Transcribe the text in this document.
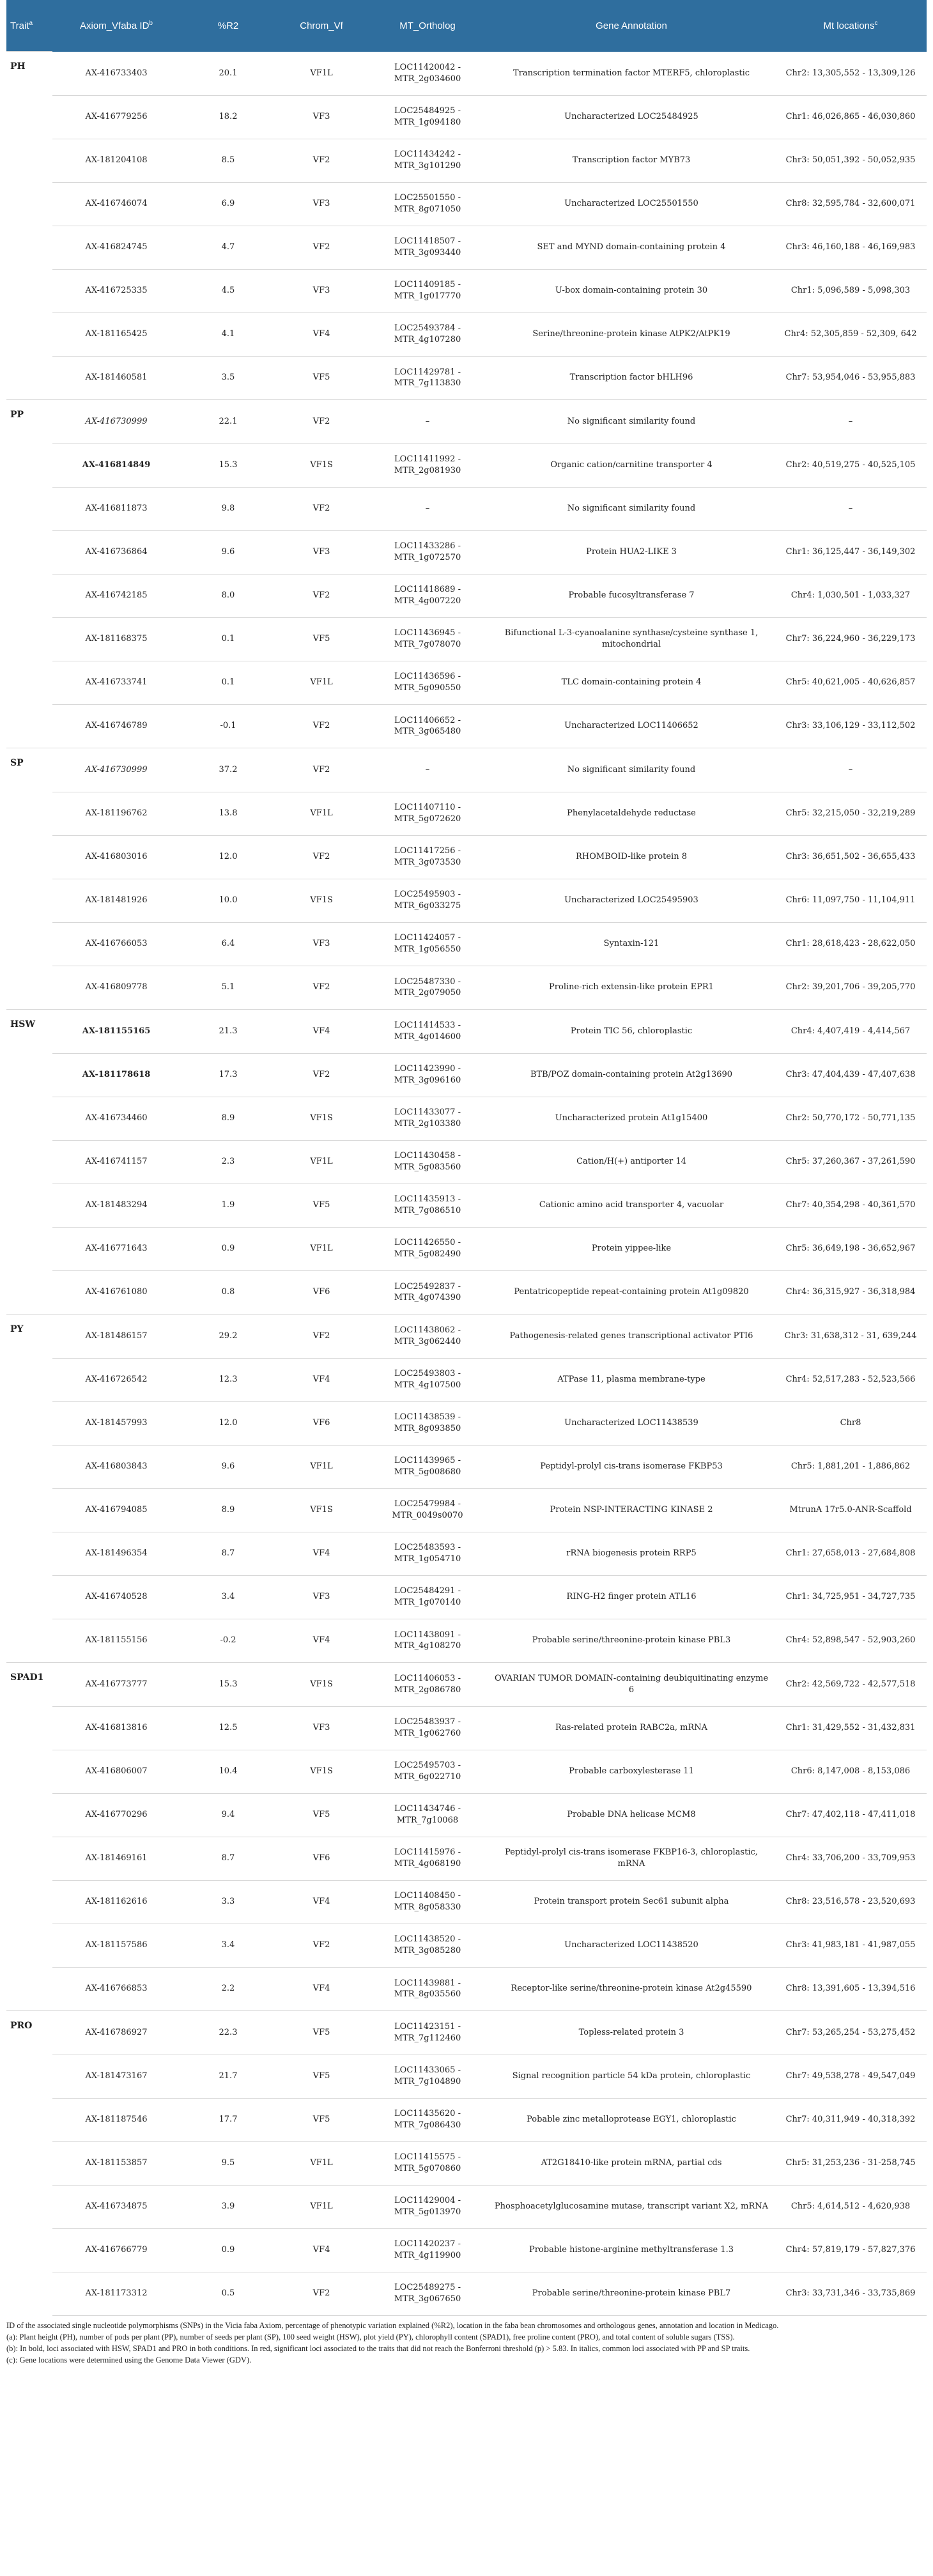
Trait$^a$	Axiom_Vfaba $ID^b$	%R2	Chrom_Vf	MT_Ortholog	Gene Annotation	Mt locations$^c$
PH	AX-416733403	20.1	VF1L	LOC11420042 - MTR_2g034600	Transcription termination factor MTERF5, chloroplastic	Chr2: 13,305,552 - 13,309,126
	AX-416779256	18.2	VF3	LOC25484925 - MTR_1g094180	Uncharacterized LOC25484925	Chr1: 46,026,865 - 46,030,860
	AX-181204108	8.5	VF2	LOC11434242 - MTR_3g101290	Transcription factor MYB73	Chr3: 50,051,392 - 50,052,935
	AX-416746074	6.9	VF3	LOC25501550 - MTR_8g071050	Uncharacterized LOC25501550	Chr8: 32,595,784 - 32,600,071
	AX-416824745	4.7	VF2	LOC11418507 - MTR_3g093440	SET and MYND domain-containing protein 4	Chr3: 46,160,188 - 46,169,983
	AX-416725335	4.5	VF3	LOC11409185 - MTR_1g017770	U-box domain-containing protein 30	Chr1: 5,096,589 - 5,098,303
	AX-181165425	4.1	VF4	LOC25493784 - MTR_4g107280	Serine/threonine-protein kinase AtPK2/AtPK19	Chr4: 52,305,859 - 52,309, 642
	AX-181460581	3.5	VF5	LOC11429781 - MTR_7g113830	Transcription factor bHLH96	Chr7: 53,954,046 - 53,955,883
PP	AX-416730999	22.1	VF2	–	No significant similarity found	–
	AX-416814849	15.3	VF1S	LOC11411992 - MTR_2g081930	Organic cation/carnitine transporter 4	Chr2: 40,519,275 - 40,525,105
	AX-416811873	9.8	VF2	–	No significant similarity found	–
	AX-416736864	9.6	VF3	LOC11433286 - MTR_1g072570	Protein HUA2-LIKE 3	Chr1: 36,125,447 - 36,149,302
	AX-416742185	8.0	VF2	LOC11418689 - MTR_4g007220	Probable fucosyltransferase 7	Chr4: 1,030,501 - 1,033,327
	AX-181168375	0.1	VF5	LOC11436945 - MTR_7g078070	Bifunctional L-3-cyanoalanine synthase/cysteine synthase 1, mitochondrial	Chr7: 36,224,960 - 36,229,173
	AX-416733741	0.1	VF1L	LOC11436596 - MTR_5g090550	TLC domain-containing protein 4	Chr5: 40,621,005 - 40,626,857
	AX-416746789	-0.1	VF2	LOC11406652 - MTR_3g065480	Uncharacterized LOC11406652	Chr3: 33,106,129 - 33,112,502
SP	AX-416730999	37.2	VF2	–	No significant similarity found	–
	AX-181196762	13.8	VF1L	LOC11407110 - MTR_5g072620	Phenylacetaldehyde reductase	Chr5: 32,215,050 - 32,219,289
	AX-416803016	12.0	VF2	LOC11417256 - MTR_3g073530	RHOMBOID-like protein 8	Chr3: 36,651,502 - 36,655,433
	AX-181481926	10.0	VF1S	LOC25495903 - MTR_6g033275	Uncharacterized LOC25495903	Chr6: 11,097,750 - 11,104,911
	AX-416766053	6.4	VF3	LOC11424057 - MTR_1g056550	Syntaxin-121	Chr1: 28,618,423 - 28,622,050
	AX-416809778	5.1	VF2	LOC25487330 - MTR_2g079050	Proline-rich extensin-like protein EPR1	Chr2: 39,201,706 - 39,205,770
HSW	AX-181155165	21.3	VF4	LOC11414533 - MTR_4g014600	Protein TIC 56, chloroplastic	Chr4: 4,407,419 - 4,414,567
	AX-181178618	17.3	VF2	LOC11423990 - MTR_3g096160	BTB/POZ domain-containing protein At2g13690	Chr3: 47,404,439 - 47,407,638
	AX-416734460	8.9	VF1S	LOC11433077 - MTR_2g103380	Uncharacterized protein At1g15400	Chr2: 50,770,172 - 50,771,135
	AX-416741157	2.3	VF1L	LOC11430458 - MTR_5g083560	Cation/H(+) antiporter 14	Chr5: 37,260,367 - 37,261,590
	AX-181483294	1.9	VF5	LOC11435913 - MTR_7g086510	Cationic amino acid transporter 4, vacuolar	Chr7: 40,354,298 - 40,361,570
	AX-416771643	0.9	VF1L	LOC11426550 - MTR_5g082490	Protein yippee-like	Chr5: 36,649,198 - 36,652,967
	AX-416761080	0.8	VF6	LOC25492837 - MTR_4g074390	Pentatricopeptide repeat-containing protein At1g09820	Chr4: 36,315,927 - 36,318,984
PY	AX-181486157	29.2	VF2	LOC11438062 - MTR_3g062440	Pathogenesis-related genes transcriptional activator PTI6	Chr3: 31,638,312 - 31, 639,244
	AX-416726542	12.3	VF4	LOC25493803 - MTR_4g107500	ATPase 11, plasma membrane-type	Chr4: 52,517,283 - 52,523,566
	AX-181457993	12.0	VF6	LOC11438539 - MTR_8g093850	Uncharacterized LOC11438539	Chr8
	AX-416803843	9.6	VF1L	LOC11439965 - MTR_5g008680	Peptidyl-prolyl cis-trans isomerase FKBP53	Chr5: 1,881,201 - 1,886,862
	AX-416794085	8.9	VF1S	LOC25479984 - MTR_0049s0070	Protein NSP-INTERACTING KINASE 2	MtrunA 17r5.0-ANR-Scaffold
	AX-181496354	8.7	VF4	LOC25483593 - MTR_1g054710	rRNA biogenesis protein RRP5	Chr1: 27,658,013 - 27,684,808
	AX-416740528	3.4	VF3	LOC25484291 - MTR_1g070140	RING-H2 finger protein ATL16	Chr1: 34,725,951 - 34,727,735
	AX-181155156	-0.2	VF4	LOC11438091 - MTR_4g108270	Probable serine/threonine-protein kinase PBL3	Chr4: 52,898,547 - 52,903,260
SPAD1	AX-416773777	15.3	VF1S	LOC11406053 - MTR_2g086780	OVARIAN TUMOR DOMAIN-containing deubiquitinating enzyme 6	Chr2: 42,569,722 - 42,577,518
	AX-416813816	12.5	VF3	LOC25483937 - MTR_1g062760	Ras-related protein RABC2a, mRNA	Chr1: 31,429,552 - 31,432,831
	AX-416806007	10.4	VF1S	LOC25495703 - MTR_6g022710	Probable carboxylesterase 11	Chr6: 8,147,008 - 8,153,086
	AX-416770296	9.4	VF5	LOC11434746 - MTR_7g10068	Probable DNA helicase MCM8	Chr7: 47,402,118 - 47,411,018
	AX-181469161	8.7	VF6	LOC11415976 - MTR_4g068190	Peptidyl-prolyl cis-trans isomerase FKBP16-3, chloroplastic, mRNA	Chr4: 33,706,200 - 33,709,953
	AX-181162616	3.3	VF4	LOC11408450 - MTR_8g058330	Protein transport protein Sec61 subunit alpha	Chr8: 23,516,578 - 23,520,693
	AX-181157586	3.4	VF2	LOC11438520 - MTR_3g085280	Uncharacterized LOC11438520	Chr3: 41,983,181 - 41,987,055
	AX-416766853	2.2	VF4	LOC11439881 - MTR_8g035560	Receptor-like serine/threonine-protein kinase At2g45590	Chr8: 13,391,605 - 13,394,516
PRO	AX-416786927	22.3	VF5	LOC11423151 - MTR_7g112460	Topless-related protein 3	Chr7: 53,265,254 - 53,275,452
	AX-181473167	21.7	VF5	LOC11433065 - MTR_7g104890	Signal recognition particle 54 kDa protein, chloroplastic	Chr7: 49,538,278 - 49,547,049
	AX-181187546	17.7	VF5	LOC11435620 - MTR_7g086430	Pobable zinc metalloprotease EGY1, chloroplastic	Chr7: 40,311,949 - 40,318,392
	AX-181153857	9.5	VF1L	LOC11415575 - MTR_5g070860	AT2G18410-like protein mRNA, partial cds	Chr5: 31,253,236 - 31-258,745
	AX-416734875	3.9	VF1L	LOC11429004 - MTR_5g013970	Phosphoacetylglucosamine mutase, transcript variant X2, mRNA	Chr5: 4,614,512 - 4,620,938
	AX-416766779	0.9	VF4	LOC11420237 - MTR_4g119900	Probable histone-arginine methyltransferase 1.3	Chr4: 57,819,179 - 57,827,376
	AX-181173312	0.5	VF2	LOC25489275 - MTR_3g067650	Probable serine/threonine-protein kinase PBL7	Chr3: 33,731,346 - 33,735,869

ID of the associated single nucleotide polymorphisms (SNPs) in the Vicia faba Axiom, percentage of phenotypic variation explained (%R2), location in the faba bean chromosomes and orthologous genes, annotation and location in Medicago.

(a): Plant height (PH), number of pods per plant (PP), number of seeds per plant (SP), 100 seed weight (HSW), plot yield (PY), chlorophyll content (SPAD1), free proline content (PRO), and total content of soluble sugars (TSS).

(b): In bold, loci associated with HSW, SPAD1 and PRO in both conditions. In red, significant loci associated to the traits that did not reach the Bonferroni threshold (p) > 5.83. In italics, common loci associated with PP and SP traits.

(c): Gene locations were determined using the Genome Data Viewer (GDV).
